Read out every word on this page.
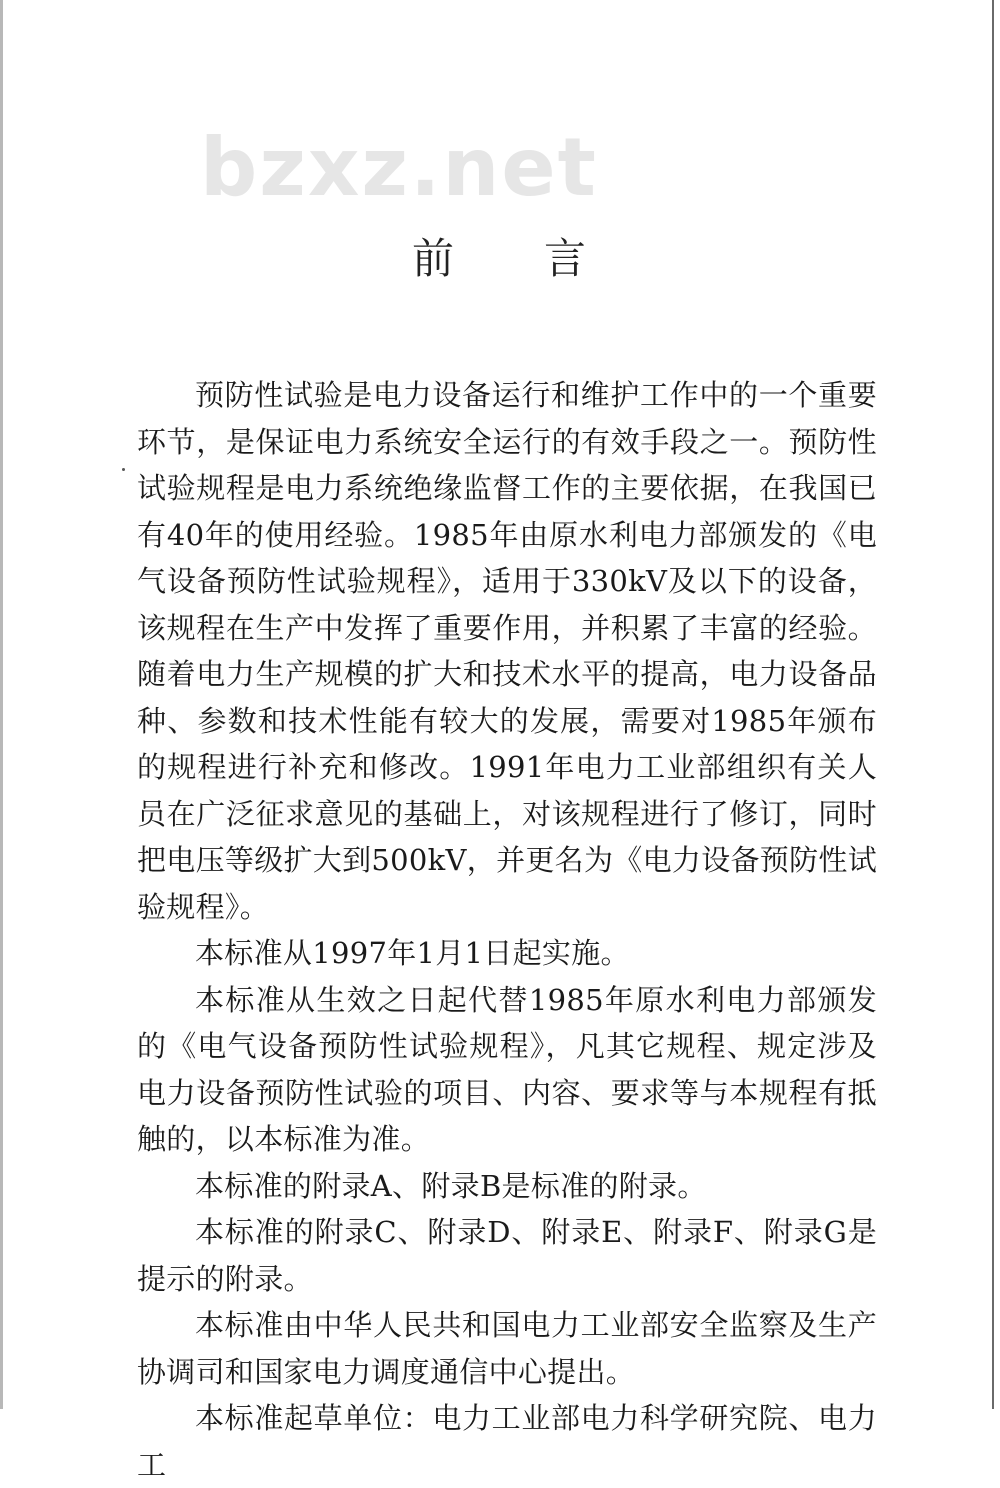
bzxz.net
前言

预防性试验是电力设备运行和维护工作中的一个重要环节，是保证电力系统安全运行的有效手段之一。预防性试验规程是电力系统绝缘监督工作的主要依据，在我国已有40年的使用经验。1985年由原水利电力部颁发的《电气设备预防性试验规程》，适用于330kV及以下的设备，该规程在生产中发挥了重要作用，并积累了丰富的经验。随着电力生产规模的扩大和技术水平的提高，电力设备品种、参数和技术性能有较大的发展，需要对1985年颁布的规程进行补充和修改。1991年电力工业部组织有关人员在广泛征求意见的基础上，对该规程进行了修订，同时把电压等级扩大到500kV，并更名为《电力设备预防性试验规程》。

本标准从1997年1月1日起实施。

本标准从生效之日起代替1985年原水利电力部颁发的《电气设备预防性试验规程》，凡其它规程、规定涉及电力设备预防性试验的项目、内容、要求等与本规程有抵触的，以本标准为准。

本标准的附录A、附录B是标准的附录。

本标准的附录C、附录D、附录E、附录F、附录G是提示的附录。

本标准由中华人民共和国电力工业部安全监察及生产协调司和国家电力调度通信中心提出。

本标准起草单位：电力工业部电力科学研究院、电力工
